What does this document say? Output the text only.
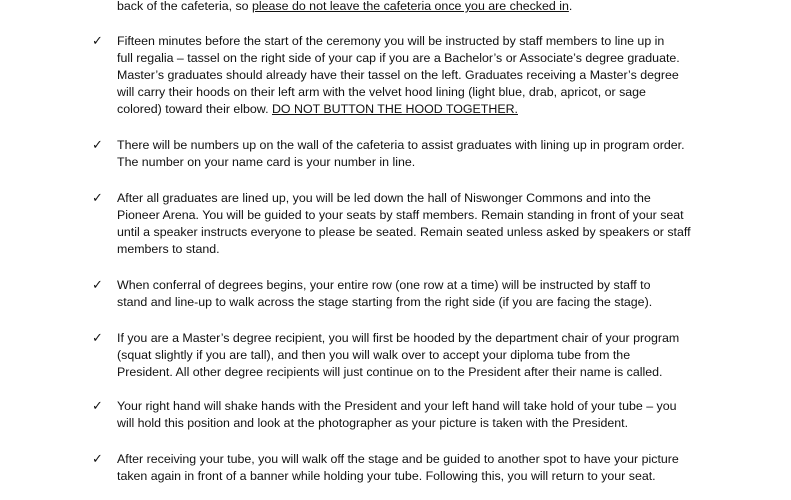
back of the cafeteria, so please do not leave the cafeteria once you are checked in.
✓ Fifteen minutes before the start of the ceremony you will be instructed by staff members to line up in
full regalia – tassel on the right side of your cap if you are a Bachelor’s or Associate’s degree graduate.
Master’s graduates should already have their tassel on the left. Graduates receiving a Master’s degree
will carry their hoods on their left arm with the velvet hood lining (light blue, drab, apricot, or sage
colored) toward their elbow. DO NOT BUTTON THE HOOD TOGETHER.
✓ There will be numbers up on the wall of the cafeteria to assist graduates with lining up in program order.
The number on your name card is your number in line.
✓ After all graduates are lined up, you will be led down the hall of Niswonger Commons and into the
Pioneer Arena. You will be guided to your seats by staff members. Remain standing in front of your seat
until a speaker instructs everyone to please be seated. Remain seated unless asked by speakers or staff
members to stand.
✓ When conferral of degrees begins, your entire row (one row at a time) will be instructed by staff to
stand and line-up to walk across the stage starting from the right side (if you are facing the stage).
✓ If you are a Master’s degree recipient, you will first be hooded by the department chair of your program
(squat slightly if you are tall), and then you will walk over to accept your diploma tube from the
President. All other degree recipients will just continue on to the President after their name is called.
✓ Your right hand will shake hands with the President and your left hand will take hold of your tube – you
will hold this position and look at the photographer as your picture is taken with the President.
✓ After receiving your tube, you will walk off the stage and be guided to another spot to have your picture
taken again in front of a banner while holding your tube. Following this, you will return to your seat.
